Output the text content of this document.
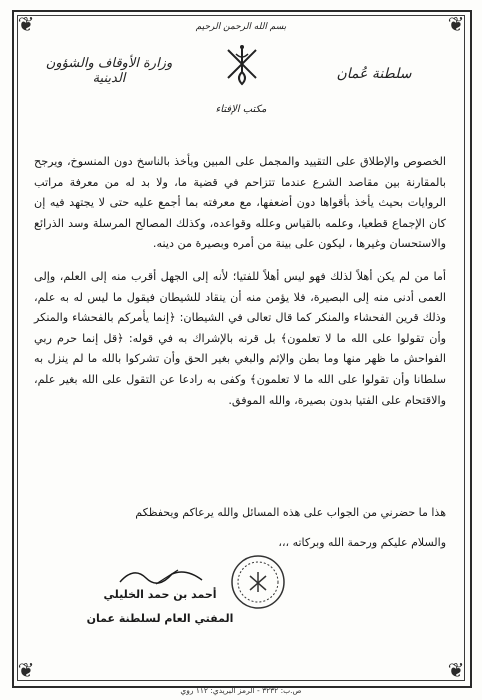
❦	❦
❦	❦
بسم الله الرحمن الرحيم
وزارة الأوقاف والشؤون الدينية	سلطنة عُمان
مكتب الإفتاء

الخصوص والإطلاق على التقييد والمجمل على المبين ويأخذ بالناسخ دون المنسوخ، ويرجح بالمقارنة بين مقاصد الشرع عندما تتزاحم في قضية ما، ولا بد له من معرفة مراتب الروايات بحيث يأخذ بأقواها دون أضعفها، مع معرفته بما أجمع عليه حتى لا يجتهد فيه إن كان الإجماع قطعيا، وعلمه بالقياس وعلله وقواعده، وكذلك المصالح المرسلة وسد الذرائع والاستحسان وغيرها ، ليكون على بينة من أمره وبصيرة من دينه.

أما من لم يكن أهلاً لذلك فهو ليس أهلاً للفتيا؛ لأنه إلى الجهل أقرب منه إلى العلم، وإلى العمى أدنى منه إلى البصيرة، فلا يؤمن منه أن ينقاد للشيطان فيقول ما ليس له به علم، وذلك قرين الفحشاء والمنكر كما قال تعالى في الشيطان: ﴿إنما يأمركم بالفحشاء والمنكر وأن تقولوا على الله ما لا تعلمون﴾ بل قرنه بالإشراك به في قوله: ﴿قل إنما حرم ربي الفواحش ما ظهر منها وما بطن والإثم والبغي بغير الحق وأن تشركوا بالله ما لم ينزل به سلطانا وأن تقولوا على الله ما لا تعلمون﴾ وكفى به رادعا عن التقول على الله بغير علم، والاقتحام على الفتيا بدون بصيرة، والله الموفق.

هذا ما حضرني من الجواب على هذه المسائل والله يرعاكم ويحفظكم
والسلام عليكم ورحمة الله وبركاته ،،،
أحمد بن حمد الخليلي
المفتي العام لسلطنة عمان
ص.ب: ٣٢٣٢ - الرمز البريدي: ١١٢ روي
